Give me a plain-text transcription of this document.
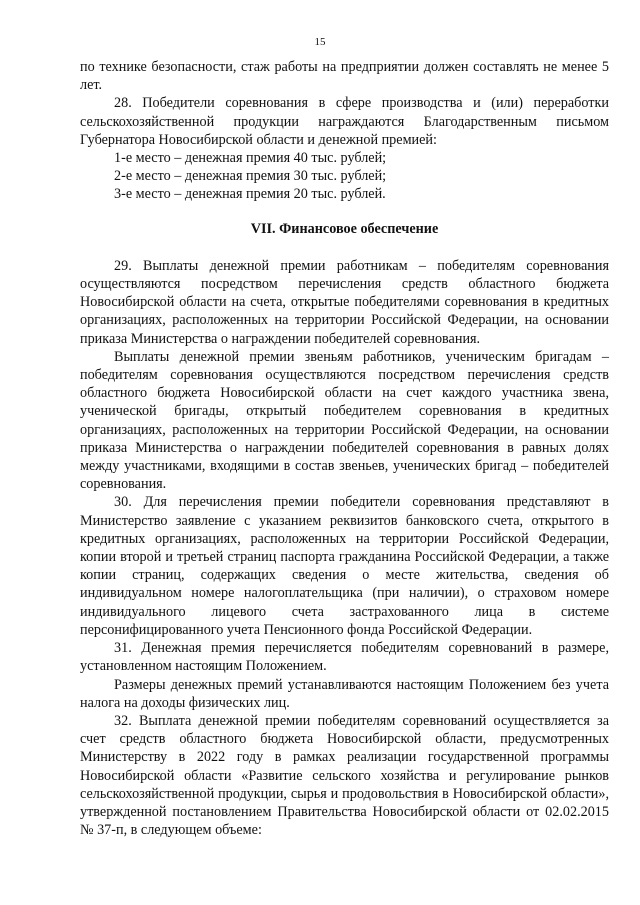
15

по технике безопасности, стаж работы на предприятии должен составлять не менее 5 лет.

28. Победители соревнования в сфере производства и (или) переработки сельскохозяйственной продукции награждаются Благодарственным письмом Губернатора Новосибирской области и денежной премией:

1-е место – денежная премия 40 тыс. рублей;

2-е место – денежная премия 30 тыс. рублей;

3-е место – денежная премия 20 тыс. рублей.

VII. Финансовое обеспечение

29. Выплаты денежной премии работникам – победителям соревнования осуществляются посредством перечисления средств областного бюджета Новосибирской области на счета, открытые победителями соревнования в кредитных организациях, расположенных на территории Российской Федерации, на основании приказа Министерства о награждении победителей соревнования.

Выплаты денежной премии звеньям работников, ученическим бригадам – победителям соревнования осуществляются посредством перечисления средств областного бюджета Новосибирской области на счет каждого участника звена, ученической бригады, открытый победителем соревнования в кредитных организациях, расположенных на территории Российской Федерации, на основании приказа Министерства о награждении победителей соревнования в равных долях между участниками, входящими в состав звеньев, ученических бригад – победителей соревнования.

30. Для перечисления премии победители соревнования представляют в Министерство заявление с указанием реквизитов банковского счета, открытого в кредитных организациях, расположенных на территории Российской Федерации, копии второй и третьей страниц паспорта гражданина Российской Федерации, а также копии страниц, содержащих сведения о месте жительства, сведения об индивидуальном номере налогоплательщика (при наличии), о страховом номере индивидуального лицевого счета застрахованного лица в системе персонифицированного учета Пенсионного фонда Российской Федерации.

31. Денежная премия перечисляется победителям соревнований в размере, установленном настоящим Положением.

Размеры денежных премий устанавливаются настоящим Положением без учета налога на доходы физических лиц.

32. Выплата денежной премии победителям соревнований осуществляется за счет средств областного бюджета Новосибирской области, предусмотренных Министерству в 2022 году в рамках реализации государственной программы Новосибирской области «Развитие сельского хозяйства и регулирование рынков сельскохозяйственной продукции, сырья и продовольствия в Новосибирской области», утвержденной постановлением Правительства Новосибирской области от 02.02.2015 № 37-п, в следующем объеме:
